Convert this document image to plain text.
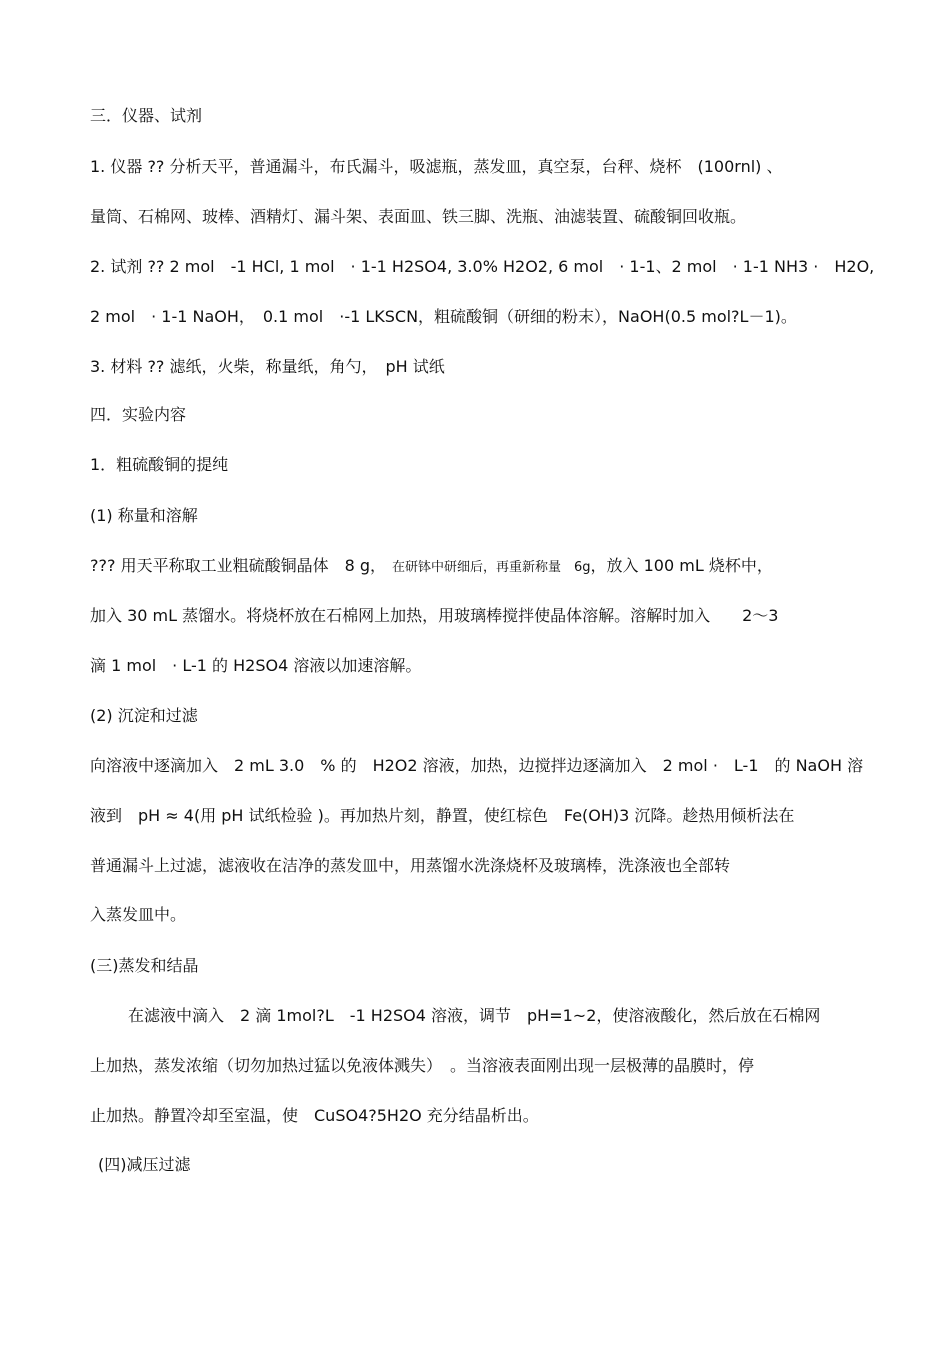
三．仪器、试剂
1. 仪器 ?? 分析天平，普通漏斗，布氏漏斗，吸滤瓶，蒸发皿，真空泵，台秤、烧杯　(100rnl) 、
量筒、石棉网、玻棒、酒精灯、漏斗架、表面皿、铁三脚、洗瓶、油滤装置、硫酸铜回收瓶。
2. 试剂 ?? 2 mol　-1 HCl, 1 mol　· 1-1 H2SO4, 3.0% H2O2, 6 mol　· 1-1、2 mol　· 1-1 NH3 ·　H2O,
2 mol　· 1-1 NaOH，　0.1 mol　·-1 LKSCN，粗硫酸铜（研细的粉末），NaOH(0.5 mol?L－1)。
3. 材料 ?? 滤纸，火柴，称量纸，角勺，　pH 试纸
四．实验内容
1．粗硫酸铜的提纯
(1) 称量和溶解
??? 用天平称取工业粗硫酸铜晶体　8 g， 在研钵中研细后，再重新称量　6g，放入 100 mL 烧杯中，
加入 30 mL 蒸馏水。将烧杯放在石棉网上加热，用玻璃棒搅拌使晶体溶解。溶解时加入　　2～3
滴 1 mol　· L-1 的 H2SO4 溶液以加速溶解。
(2) 沉淀和过滤
向溶液中逐滴加入　2 mL 3.0　% 的　H2O2 溶液，加热，边搅拌边逐滴加入　2 mol ·　L-1　的 NaOH 溶
液到　pH ≈ 4(用 pH 试纸检验 )。再加热片刻，静置，使红棕色　Fe(OH)3 沉降。趁热用倾析法在
普通漏斗上过滤，滤液收在洁净的蒸发皿中，用蒸馏水洗涤烧杯及玻璃棒，洗涤液也全部转
入蒸发皿中。
(三)蒸发和结晶
在滤液中滴入　2 滴 1mol?L　-1 H2SO4 溶液，调节　pH=1~2，使溶液酸化，然后放在石棉网
上加热，蒸发浓缩（切勿加热过猛以免液体溅失）　。当溶液表面刚出现一层极薄的晶膜时，停
止加热。静置冷却至室温，使　CuSO4?5H2O 充分结晶析出。
(四)减压过滤
